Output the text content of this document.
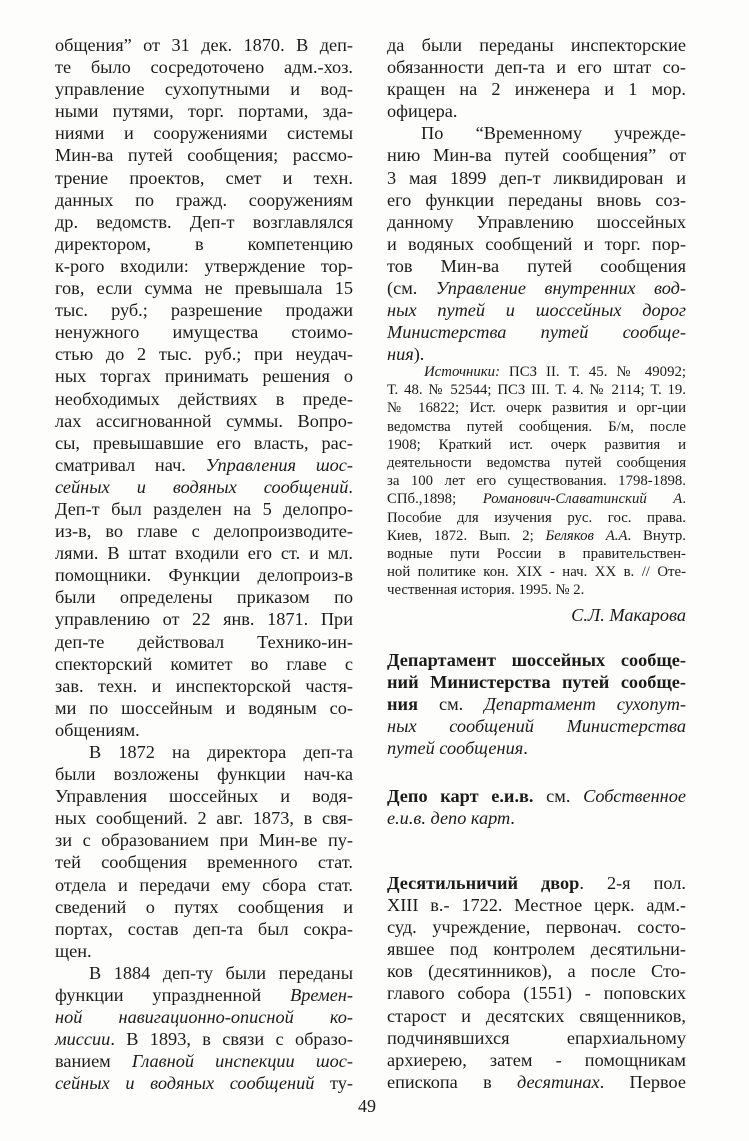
общения” от 31 дек. 1870. В деп-
те было сосредоточено адм.-хоз.
управление сухопутными и вод-
ными путями, торг. портами, зда-
ниями и сооружениями системы
Мин-ва путей сообщения; рассмо-
трение проектов, смет и техн.
данных по гражд. сооружениям
др. ведомств. Деп-т возглавлялся
директором, в компетенцию
к-рого входили: утверждение тор-
гов, если сумма не превышала 15
тыс. руб.; разрешение продажи
ненужного имущества стоимо-
стью до 2 тыс. руб.; при неудач-
ных торгах принимать решения о
необходимых действиях в преде-
лах ассигнованной суммы. Вопро-
сы, превышавшие его власть, рас-
сматривал нач. Управления шос-
сейных и водяных сообщений.
Деп-т был разделен на 5 делопро-
из-в, во главе с делопроизводите-
лями. В штат входили его ст. и мл.
помощники. Функции делопроиз-в
были определены приказом по
управлению от 22 янв. 1871. При
деп-те действовал Технико-ин-
спекторский комитет во главе с
зав. техн. и инспекторской частя-
ми по шоссейным и водяным со-
общениям.
В 1872 на директора деп-та
были возложены функции нач-ка
Управления шоссейных и водя-
ных сообщений. 2 авг. 1873, в свя-
зи с образованием при Мин-ве пу-
тей сообщения временного стат.
отдела и передачи ему сбора стат.
сведений о путях сообщения и
портах, состав деп-та был сокра-
щен.
В 1884 деп-ту были переданы
функции упраздненной Времен-
ной навигационно-описной ко-
миссии. В 1893, в связи с образо-
ванием Главной инспекции шос-
сейных и водяных сообщений ту-
да были переданы инспекторские
обязанности деп-та и его штат со-
кращен на 2 инженера и 1 мор.
офицера.
По “Временному учрежде-
нию Мин-ва путей сообщения” от
3 мая 1899 деп-т ликвидирован и
его функции переданы вновь соз-
данному Управлению шоссейных
и водяных сообщений и торг. пор-
тов Мин-ва путей сообщения
(см. Управление внутренних вод-
ных путей и шоссейных дорог
Министерства путей сообще-
ния).
Источники: ПСЗ II. Т. 45. № 49092;
Т. 48. № 52544; ПСЗ III. Т. 4. № 2114; Т. 19.
№ 16822; Ист. очерк развития и орг-ции
ведомства путей сообщения. Б/м, после
1908; Краткий ист. очерк развития и
деятельности ведомства путей сообщения
за 100 лет его существования. 1798-1898.
СПб.,1898; Романович-Славатинский А.
Пособие для изучения рус. гос. права.
Киев, 1872. Вып. 2; Беляков А.А. Внутр.
водные пути России в правительствен-
ной политике кон. XIX - нач. XX в. // Оте-
чественная история. 1995. № 2.
С.Л. Макарова
Департамент шоссейных сообще-
ний Министерства путей сообще-
ния см. Департамент сухопут-
ных сообщений Министерства
путей сообщения.
Депо карт е.и.в. см. Собственное
е.и.в. депо карт.
Десятильничий двор. 2-я пол.
XIII в.- 1722. Местное церк. адм.-
суд. учреждение, первонач. состо-
явшее под контролем десятильни-
ков (десятинников), а после Сто-
главого собора (1551) - поповских
старост и десятских священников,
подчинявшихся епархиальному
архиерею, затем - помощникам
епископа в десятинах. Первое
49
